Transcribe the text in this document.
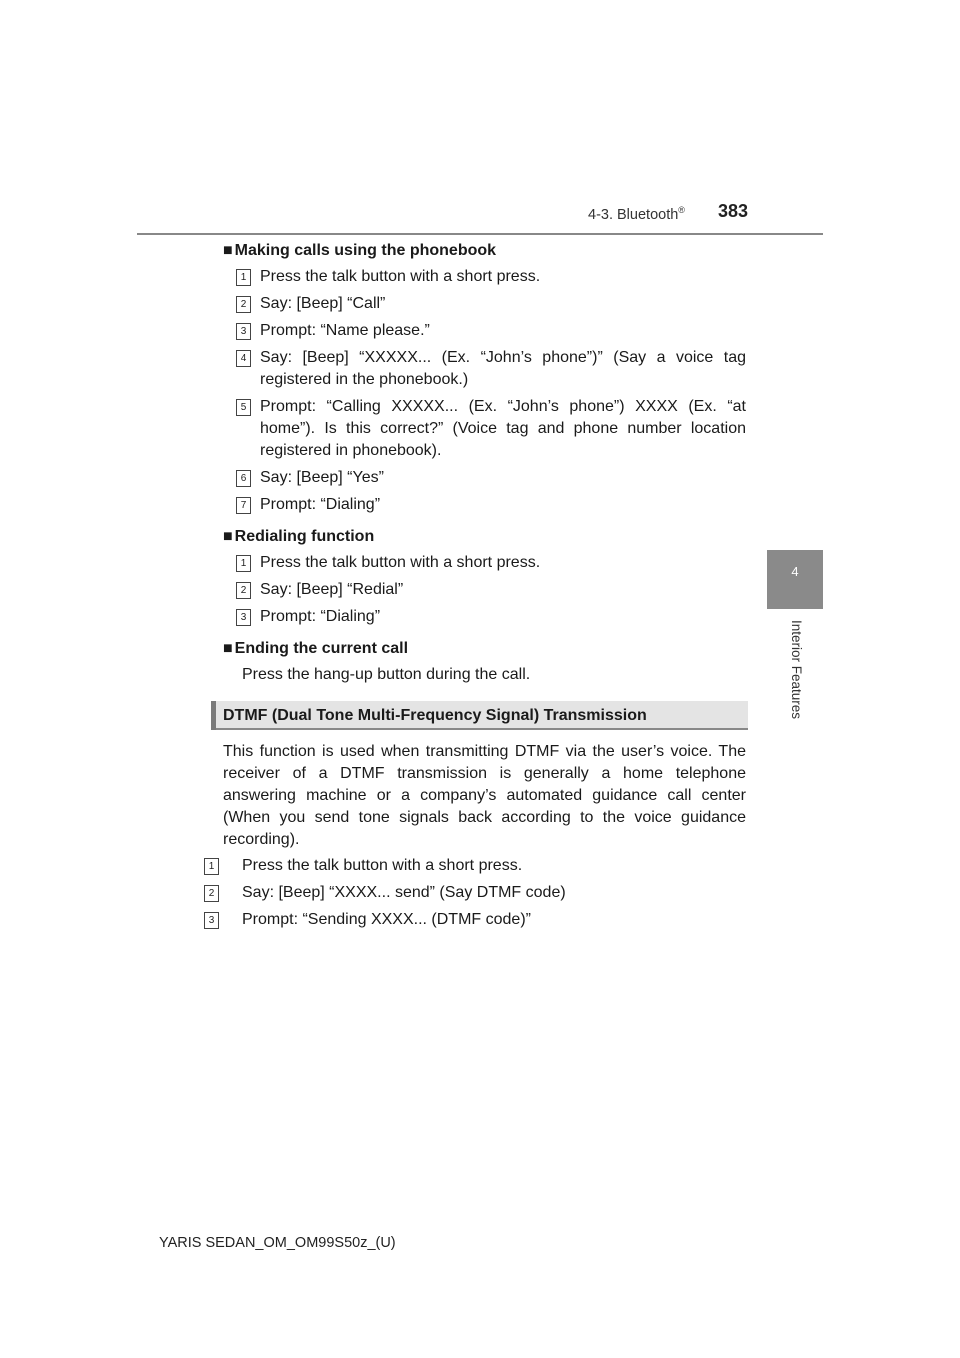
4-3. Bluetooth® 383
4
Interior Features
■ Making calls using the phonebook
1 Press the talk button with a short press.
2 Say: [Beep] “Call”
3 Prompt: “Name please.”
4 Say: [Beep] “XXXXX... (Ex. “John’s phone”)” (Say a voice tag registered in the phonebook.)
5 Prompt: “Calling XXXXX... (Ex. “John’s phone”) XXXX (Ex. “at home”). Is this correct?” (Voice tag and phone number location registered in phonebook).
6 Say: [Beep] “Yes”
7 Prompt: “Dialing”
■ Redialing function
1 Press the talk button with a short press.
2 Say: [Beep] “Redial”
3 Prompt: “Dialing”
■ Ending the current call
Press the hang-up button during the call.
DTMF (Dual Tone Multi-Frequency Signal) Transmission
This function is used when transmitting DTMF via the user’s voice. The receiver of a DTMF transmission is generally a home telephone answering machine or a company’s automated guidance call center (When you send tone signals back according to the voice guidance recording).
1 Press the talk button with a short press.
2 Say: [Beep] “XXXX... send” (Say DTMF code)
3 Prompt: “Sending XXXX... (DTMF code)”
YARIS SEDAN_OM_OM99S50z_(U)
